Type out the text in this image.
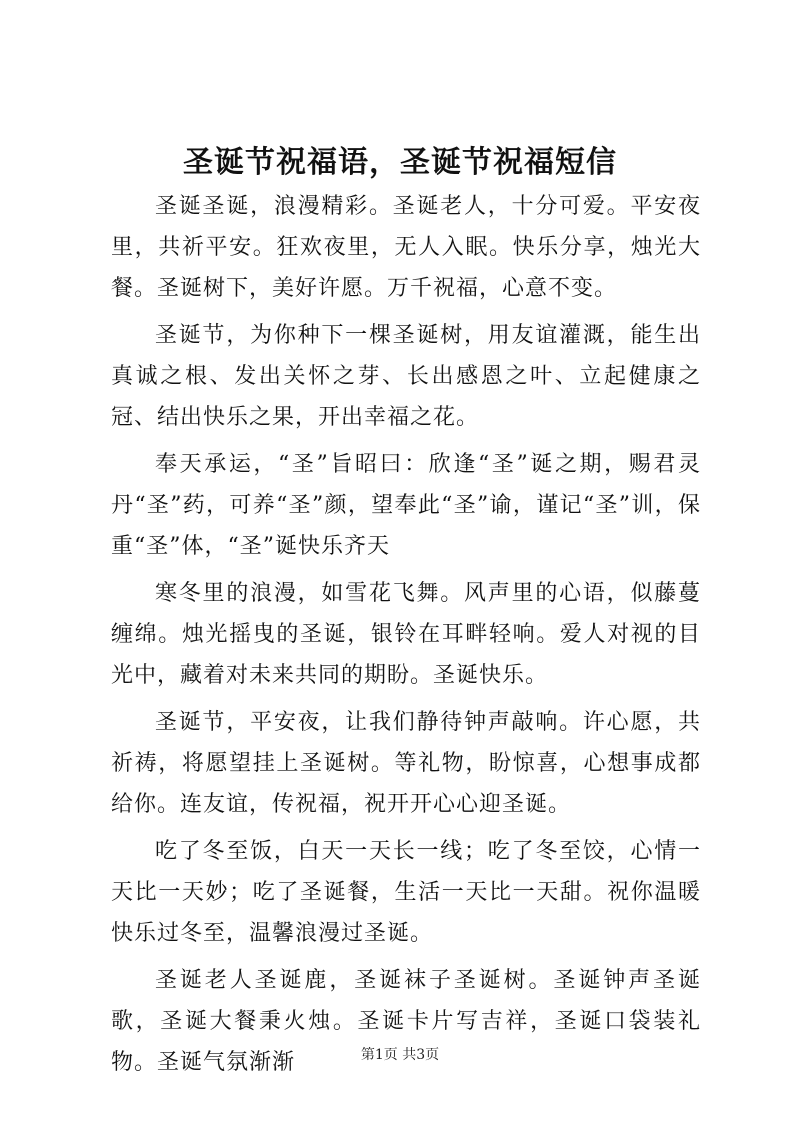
圣诞节祝福语，圣诞节祝福短信

圣诞圣诞，浪漫精彩。圣诞老人，十分可爱。平安夜里，共祈平安。狂欢夜里，无人入眠。快乐分享，烛光大餐。圣诞树下，美好许愿。万千祝福，心意不变。

圣诞节，为你种下一棵圣诞树，用友谊灌溉，能生出真诚之根、发出关怀之芽、长出感恩之叶、立起健康之冠、结出快乐之果，开出幸福之花。

奉天承运，“圣”旨昭曰：欣逢“圣”诞之期，赐君灵丹“圣”药，可养“圣”颜，望奉此“圣”谕，谨记“圣”训，保重“圣”体，“圣”诞快乐齐天

寒冬里的浪漫，如雪花飞舞。风声里的心语，似藤蔓缠绵。烛光摇曳的圣诞，银铃在耳畔轻响。爱人对视的目光中，藏着对未来共同的期盼。圣诞快乐。

圣诞节，平安夜，让我们静待钟声敲响。许心愿，共祈祷，将愿望挂上圣诞树。等礼物，盼惊喜，心想事成都给你。连友谊，传祝福，祝开开心心迎圣诞。

吃了冬至饭，白天一天长一线；吃了冬至饺，心情一天比一天妙；吃了圣诞餐，生活一天比一天甜。祝你温暖快乐过冬至，温馨浪漫过圣诞。

圣诞老人圣诞鹿，圣诞袜子圣诞树。圣诞钟声圣诞歌，圣诞大餐秉火烛。圣诞卡片写吉祥，圣诞口袋装礼物。圣诞气氛渐渐	第1页 共3页
